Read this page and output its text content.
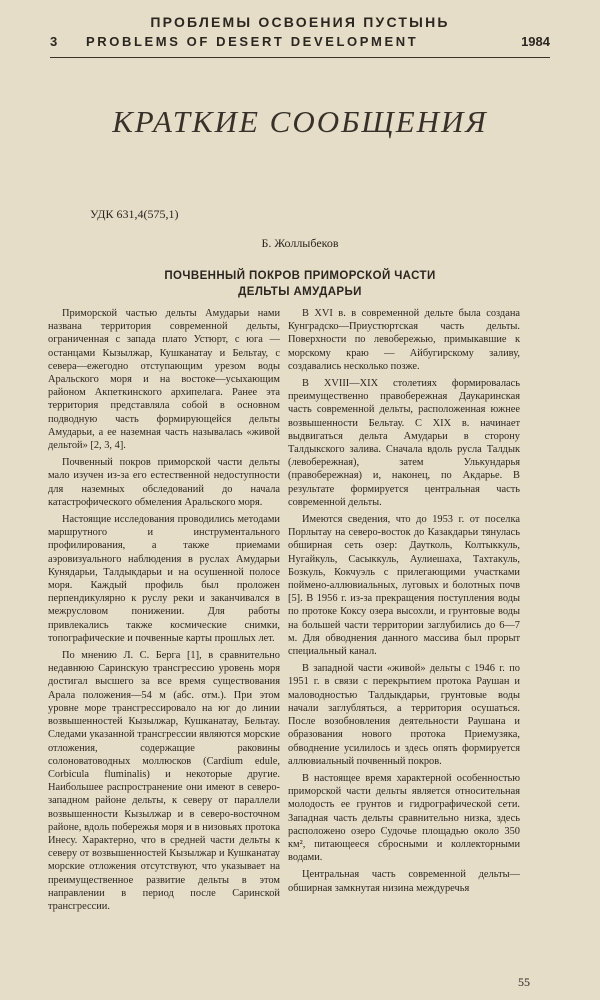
ПРОБЛЕМЫ ОСВОЕНИЯ ПУСТЫНЬ
3 PROBLEMS OF DESERT DEVELOPMENT	1984
КРАТКИЕ СООБЩЕНИЯ
УДК 631,4(575,1)
Б. Жоллыбеков
ПОЧВЕННЫЙ ПОКРОВ ПРИМОРСКОЙ ЧАСТИ
ДЕЛЬТЫ АМУДАРЬИ

Приморской частью дельты Амударьи нами названа территория современной дельты, ограниченная с запада плато Устюрт, с юга — останцами Кызылжар, Кушканатау и Бельтау, с севера—ежегодно отступающим урезом воды Аральского моря и на востоке—усыхающим районом Акпеткинского архипелага. Ранее эта территория представляла собой в основном подводную часть формирующейся дельты Амударьи, а ее наземная часть называлась «живой дельтой» [2, 3, 4].

Почвенный покров приморской части дельты мало изучен из-за его естественной недоступности для наземных обследований до начала катастрофического обмеления Аральского моря.

Настоящие исследования проводились методами маршрутного и инструментального профилирования, а также приемами аэровизуального наблюдения в руслах Амударьи Кунядарьи, Талдыкдарьи и на осушенной полосе моря. Каждый профиль был проложен перпендикулярно к руслу реки и заканчивался в межрусловом понижении. Для работы привлекались также космические снимки, топографические и почвенные карты прошлых лет.

По мнению Л. С. Берга [1], в сравнительно недавнюю Саринскую трансгрессию уровень моря достигал высшего за все время существования Арала положения—54 м (абс. отм.). При этом уровне море трансгрессировало на юг до линии возвышенностей Кызылжар, Кушканатау, Бельтау. Следами указанной трансгрессии являются морские отложения, содержащие раковины солоноватоводных моллюсков (Cardium edule, Corbicula fluminalis) и некоторые другие. Наибольшее распространение они имеют в северо-западном районе дельты, к северу от параллели возвышенности Кызылжар и в северо-восточном районе, вдоль побережья моря и в низовьях протока Инесу. Характерно, что в средней части дельты к северу от возвышенностей Кызылжар и Кушканатау морские отложения отсутствуют, что указывает на преимущественное развитие дельты в этом направлении в период после Саринской трансгрессии.

В XVI в. в современной дельте была создана Кунградско—Приустюртская часть дельты. Поверхности по левобережью, примыкавшие к морскому краю — Айбугирскому заливу, создавались несколько позже.

В XVIII—XIX столетиях формировалась преимущественно правобережная Даукаринская часть современной дельты, расположенная южнее возвышенности Бельтау. С XIX в. начинает выдвигаться дельта Амударьи в сторону Талдыкского залива. Сначала вдоль русла Талдык (левобережная), затем Улькундарья (правобережная) и, наконец, по Акдарье. В результате формируется центральная часть современной дельты.

Имеются сведения, что до 1953 г. от поселка Порлытау на северо-восток до Казакдарьи тянулась обширная сеть озер: Даутколь, Колтыккуль, Нугайкуль, Сасыккуль, Аулиешаха, Тахтакуль, Бозкуль, Кокчуэль с прилегающими участками поймено-аллювиальных, луговых и болотных почв [5]. В 1956 г. из-за прекращения поступления воды по протоке Коксу озера высохли, и грунтовые воды на большей части территории заглубились до 6—7 м. Для обводнения данного массива был прорыт специальный канал.

В западной части «живой» дельты с 1946 г. по 1951 г. в связи с перекрытием протока Раушан и маловодностью Талдыкдарьи, грунтовые воды начали заглубляться, а территория осушаться. После возобновления деятельности Раушана и образования нового протока Приемузяка, обводнение усилилось и здесь опять формируется аллювиальный почвенный покров.

В настоящее время характерной особенностью приморской части дельты является относительная молодость ее грунтов и гидрографической сети. Западная часть дельты сравнительно низка, здесь расположено озеро Судочье площадью около 350 км², питающееся сбросными и коллекторными водами.

Центральная часть современной дельты—обширная замкнутая низина междуречья

55
